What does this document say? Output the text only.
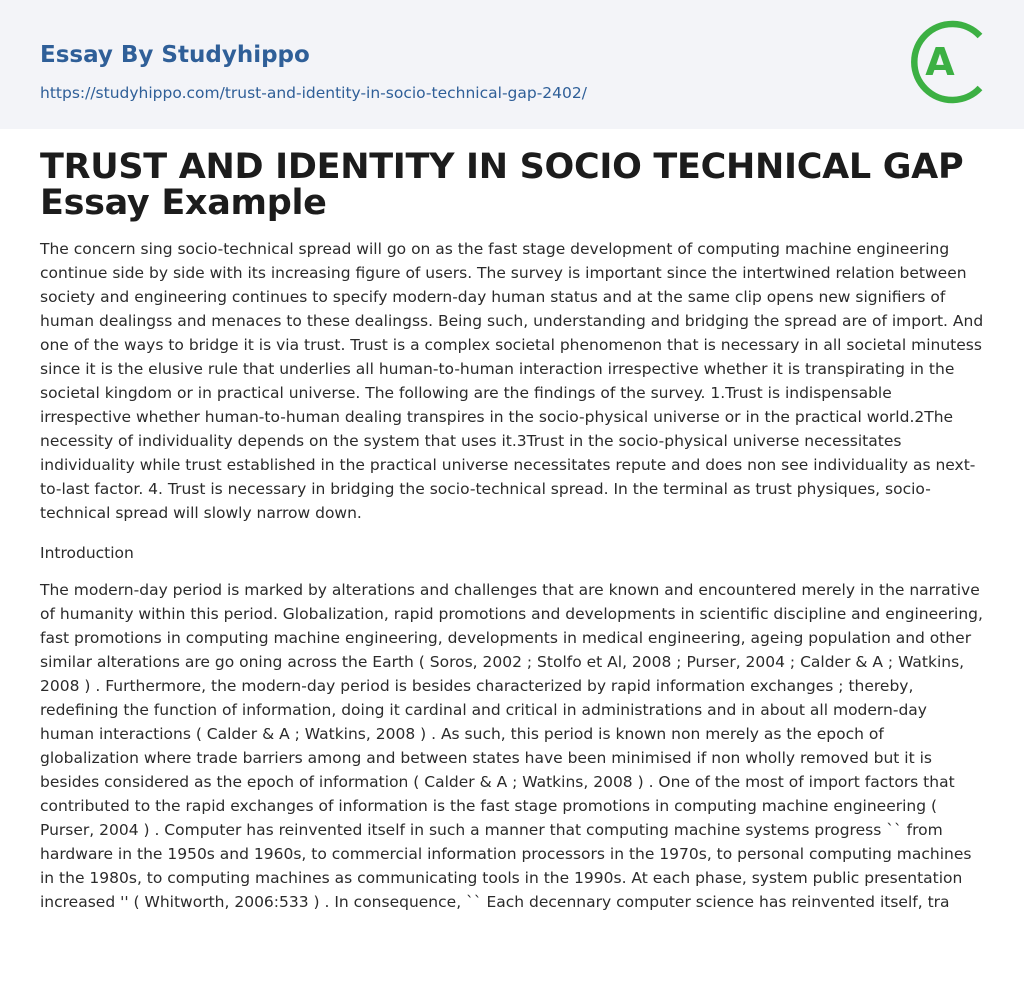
Essay By Studyhippo
https://studyhippo.com/trust-and-identity-in-socio-technical-gap-2402/
A
TRUST AND IDENTITY IN SOCIO TECHNICAL GAP Essay Example

The concern sing socio-technical spread will go on as the fast stage development of computing machine engineering continue side by side with its increasing figure of users. The survey is important since the intertwined relation between society and engineering continues to specify modern-day human status and at the same clip opens new signifiers of human dealingss and menaces to these dealingss. Being such, understanding and bridging the spread are of import. And one of the ways to bridge it is via trust. Trust is a complex societal phenomenon that is necessary in all societal minutess since it is the elusive rule that underlies all human-to-human interaction irrespective whether it is transpirating in the societal kingdom or in practical universe. The following are the findings of the survey. 1.Trust is indispensable irrespective whether human-to-human dealing transpires in the socio-physical universe or in the practical world.2The necessity of individuality depends on the system that uses it.3Trust in the socio-physical universe necessitates individuality while trust established in the practical universe necessitates repute and does non see individuality as next-to-last factor. 4. Trust is necessary in bridging the socio-technical spread. In the terminal as trust physiques, socio-technical spread will slowly narrow down.

Introduction

The modern-day period is marked by alterations and challenges that are known and encountered merely in the narrative of humanity within this period. Globalization, rapid promotions and developments in scientific discipline and engineering, fast promotions in computing machine engineering, developments in medical engineering, ageing population and other similar alterations are go oning across the Earth ( Soros, 2002 ; Stolfo et Al, 2008 ; Purser, 2004 ; Calder & A ; Watkins, 2008 ) . Furthermore, the modern-day period is besides characterized by rapid information exchanges ; thereby, redefining the function of information, doing it cardinal and critical in administrations and in about all modern-day human interactions ( Calder & A ; Watkins, 2008 ) . As such, this period is known non merely as the epoch of globalization where trade barriers among and between states have been minimised if non wholly removed but it is besides considered as the epoch of information ( Calder & A ; Watkins, 2008 ) . One of the most of import factors that contributed to the rapid exchanges of information is the fast stage promotions in computing machine engineering ( Purser, 2004 ) . Computer has reinvented itself in such a manner that computing machine systems progress `` from hardware in the 1950s and 1960s, to commercial information processors in the 1970s, to personal computing machines in the 1980s, to computing machines as communicating tools in the 1990s. At each phase, system public presentation increased '' ( Whitworth, 2006:533 ) . In consequence, `` Each decennary computer science has reinvented itself, tra
